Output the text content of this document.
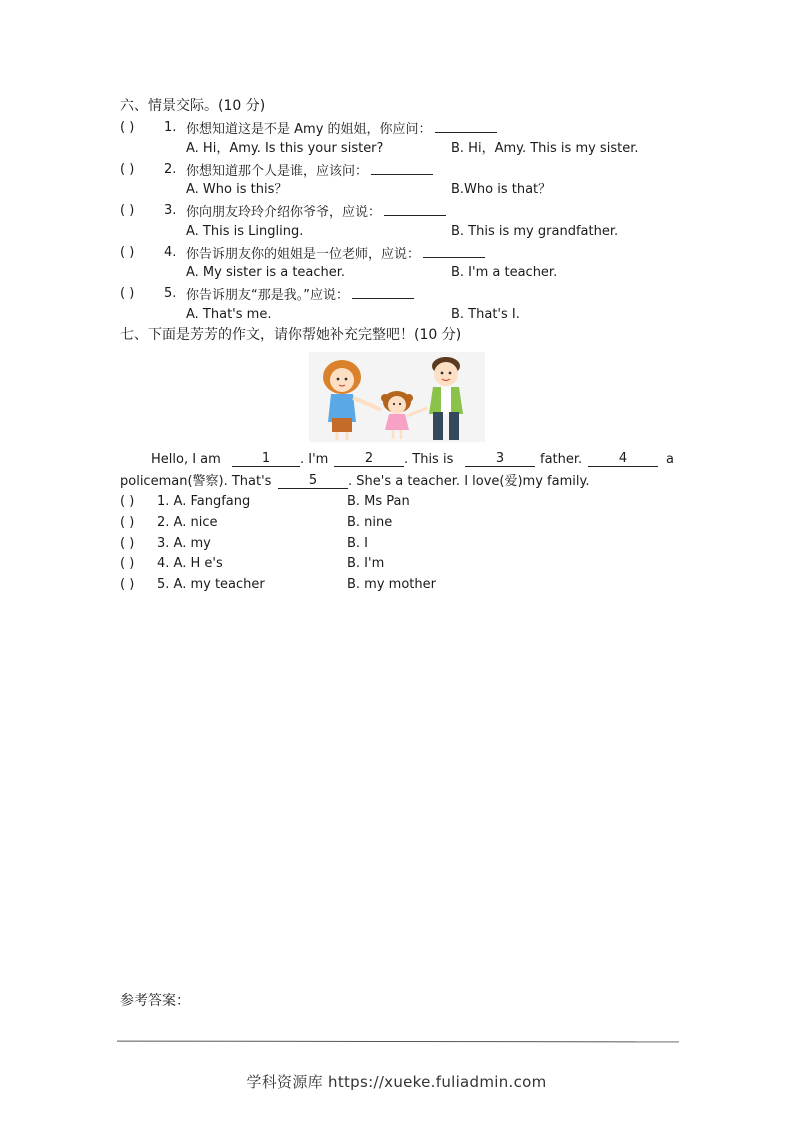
六、情景交际。(10 分)
( ) 1. 你想知道这是不是 Amy 的姐姐，你应问：
A. Hi，Amy. Is this your sister?	B. Hi，Amy. This is my sister.
( ) 2. 你想知道那个人是谁，应该问：
A. Who is this？	B.Who is that？
( ) 3. 你向朋友玲玲介绍你爷爷，应说：
A. This is Lingling.	B. This is my grandfather.
( ) 4. 你告诉朋友你的姐姐是一位老师，应说：
A. My sister is a teacher.	B. I'm a teacher.
( ) 5. 你告诉朋友“那是我。”应说：
A. That's me.	B. That's I.
七、下面是芳芳的作文，请你帮她补充完整吧！(10 分)
Hello, I am	1	. I'm	2	. This is	3	father.	4	a
policeman(警察). That's	5	. She's a teacher. I love(爱)my family.
( ) 1. A. Fangfang	B. Ms Pan
( ) 2. A. nice	B. nine
( ) 3. A. my	B. I
( ) 4. A. H e's	B. I'm
( ) 5. A. my teacher	B. my mother
参考答案：
学科资源库 https://xueke.fuliadmin.com
